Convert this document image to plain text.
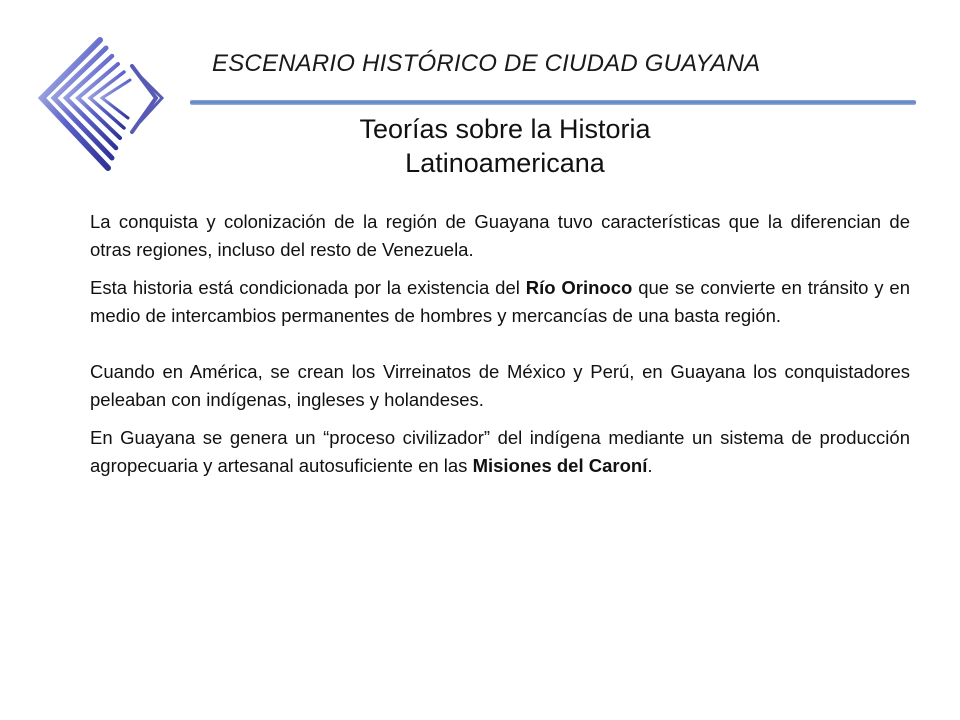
ESCENARIO HISTÓRICO DE CIUDAD GUAYANA
Teorías sobre la Historia
Latinoamericana

La conquista y colonización de la región de Guayana tuvo características que la diferencian de otras regiones, incluso del resto de Venezuela.

Esta historia está condicionada por la existencia del Río Orinoco que se convierte en tránsito y en medio de intercambios permanentes de hombres y mercancías de una basta región.

Cuando en América, se crean los Virreinatos de México y Perú, en Guayana los conquistadores peleaban con indígenas, ingleses y holandeses.

En Guayana se genera un “proceso civilizador” del indígena mediante un sistema de producción agropecuaria y artesanal autosuficiente en las Misiones del Caroní.
